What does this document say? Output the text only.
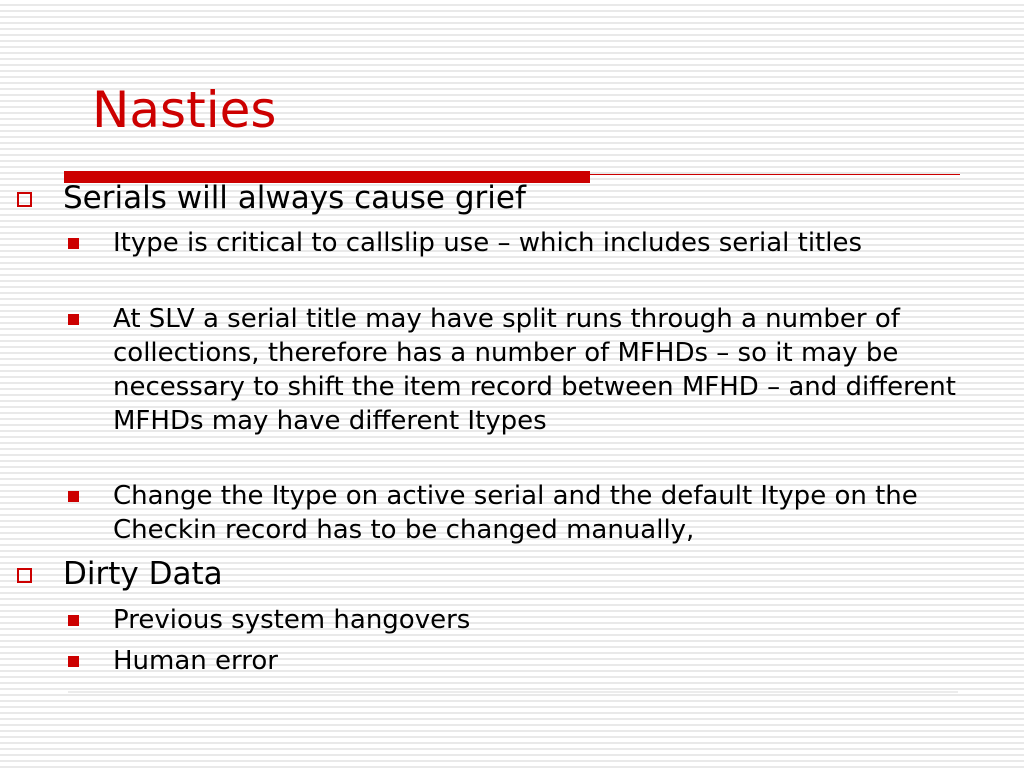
Nasties
Serials will always cause grief
Itype is critical to callslip use – which includes serial titles
At SLV a serial title may have split runs through a number of collections, therefore has a number of MFHDs – so it may be necessary to shift the item record between MFHD – and different MFHDs may have different Itypes
Change the Itype on active serial and the default Itype on the Checkin record has to be changed manually,
Dirty Data
Previous system hangovers
Human error
